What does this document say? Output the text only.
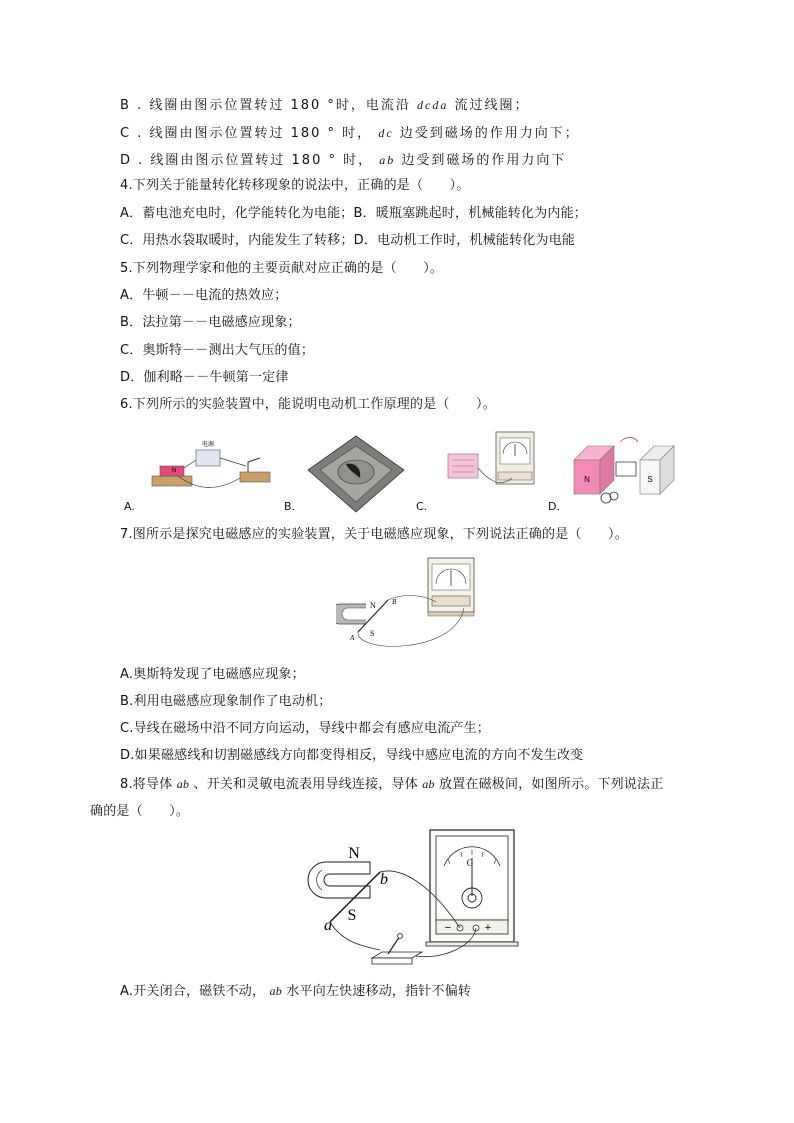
B . 线圈由图示位置转过 180 °时，电流沿 dcda 流过线圈；
C . 线圈由图示位置转过 180 ° 时， dc 边受到磁场的作用力向下；
D . 线圈由图示位置转过 180 ° 时， ab 边受到磁场的作用力向下
4.下列关于能量转化转移现象的说法中，正确的是（　　）。
A．蓄电池充电时，化学能转化为电能；B．暖瓶塞跳起时，机械能转化为内能；
C．用热水袋取暖时，内能发生了转移；D．电动机工作时，机械能转化为电能
5.下列物理学家和他的主要贡献对应正确的是（　　）。
A．牛顿－－电流的热效应；
B．法拉第－－电磁感应现象；
C．奥斯特－－测出大气压的值；
D．伽利略－－牛顿第一定律
6.下列所示的实验装置中，能说明电动机工作原理的是（　　）。
N
电源
A.	B.	C.
N	S
D.
7.图所示是探究电磁感应的实验装置，关于电磁感应现象，下列说法正确的是（　　）。
N
S
A
B
A.奥斯特发现了电磁感应现象；
B.利用电磁感应现象制作了电动机；
C.导线在磁场中沿不同方向运动，导线中都会有感应电流产生；
D.如果磁感线和切割磁感线方向都变得相反，导线中感应电流的方向不发生改变
8.将导体 ab 、开关和灵敏电流表用导线连接，导体 ab 放置在磁极间，如图所示。下列说法正
确的是（　　）。
G
−	+
N
S
a
b
A.开关闭合，磁铁不动， ab 水平向左快速移动，指针不偏转
